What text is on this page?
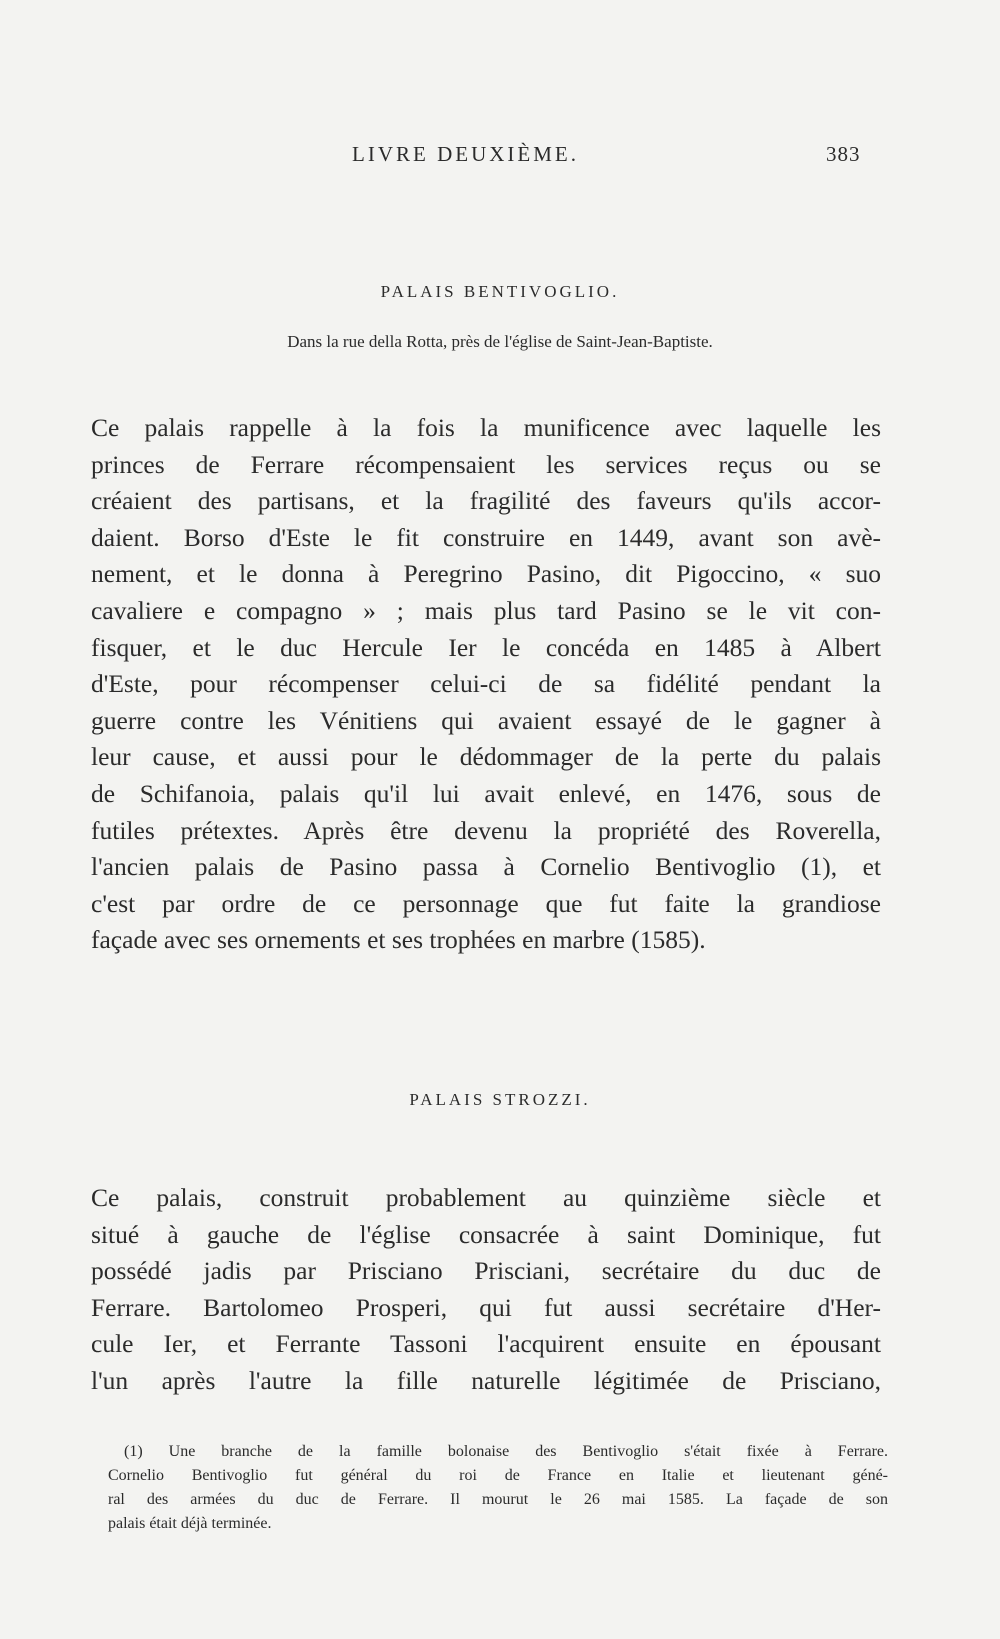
LIVRE DEUXIÈME.	383
PALAIS BENTIVOGLIO.
Dans la rue della Rotta, près de l'église de Saint-Jean-Baptiste.
Ce palais rappelle à la fois la munificence avec laquelle les
princes de Ferrare récompensaient les services reçus ou se
créaient des partisans, et la fragilité des faveurs qu'ils accor-
daient. Borso d'Este le fit construire en 1449, avant son avè-
nement, et le donna à Peregrino Pasino, dit Pigoccino, « suo
cavaliere e compagno » ; mais plus tard Pasino se le vit con-
fisquer, et le duc Hercule Ier le concéda en 1485 à Albert
d'Este, pour récompenser celui-ci de sa fidélité pendant la
guerre contre les Vénitiens qui avaient essayé de le gagner à
leur cause, et aussi pour le dédommager de la perte du palais
de Schifanoia, palais qu'il lui avait enlevé, en 1476, sous de
futiles prétextes. Après être devenu la propriété des Roverella,
l'ancien palais de Pasino passa à Cornelio Bentivoglio (1), et
c'est par ordre de ce personnage que fut faite la grandiose
façade avec ses ornements et ses trophées en marbre (1585).
PALAIS STROZZI.
Ce palais, construit probablement au quinzième siècle et
situé à gauche de l'église consacrée à saint Dominique, fut
possédé jadis par Prisciano Prisciani, secrétaire du duc de
Ferrare. Bartolomeo Prosperi, qui fut aussi secrétaire d'Her-
cule Ier, et Ferrante Tassoni l'acquirent ensuite en épousant
l'un après l'autre la fille naturelle légitimée de Prisciano,
(1) Une branche de la famille bolonaise des Bentivoglio s'était fixée à Ferrare.
Cornelio Bentivoglio fut général du roi de France en Italie et lieutenant géné-
ral des armées du duc de Ferrare. Il mourut le 26 mai 1585. La façade de son
palais était déjà terminée.
